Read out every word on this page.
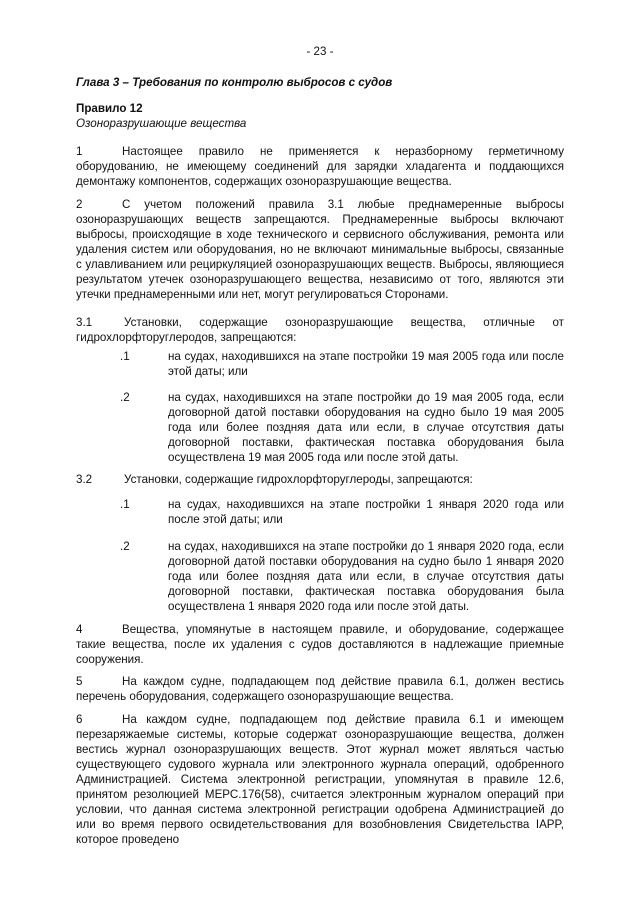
- 23 -
Глава 3 – Требования по контролю выбросов с судов
Правило 12
Озоноразрушающие вещества

1	Настоящее правило не применяется к неразборному герметичному оборудованию, не имеющему соединений для зарядки хладагента и поддающихся демонтажу компонентов, содержащих озоноразрушающие вещества.

2	С учетом положений правила 3.1 любые преднамеренные выбросы озоноразрушающих веществ запрещаются. Преднамеренные выбросы включают выбросы, происходящие в ходе технического и сервисного обслуживания, ремонта или удаления систем или оборудования, но не включают минимальные выбросы, связанные с улавливанием или рециркуляцией озоноразрушающих веществ. Выбросы, являющиеся результатом утечек озоноразрушающего вещества, независимо от того, являются эти утечки преднамеренными или нет, могут регулироваться Сторонами.

3.1	Установки, содержащие озоноразрушающие вещества, отличные от гидрохлорфторуглеродов, запрещаются:

.1	на судах, находившихся на этапе постройки 19 мая 2005 года или после этой даты; или
.2	на судах, находившихся на этапе постройки до 19 мая 2005 года, если договорной датой поставки оборудования на судно было 19 мая 2005 года или более поздняя дата или если, в случае отсутствия даты договорной поставки, фактическая поставка оборудования была осуществлена 19 мая 2005 года или после этой даты.

3.2	Установки, содержащие гидрохлорфторуглероды, запрещаются:

.1	на судах, находившихся на этапе постройки 1 января 2020 года или после этой даты; или
.2	на судах, находившихся на этапе постройки до 1 января 2020 года, если договорной датой поставки оборудования на судно было 1 января 2020 года или более поздняя дата или если, в случае отсутствия даты договорной поставки, фактическая поставка оборудования была осуществлена 1 января 2020 года или после этой даты.

4	Вещества, упомянутые в настоящем правиле, и оборудование, содержащее такие вещества, после их удаления с судов доставляются в надлежащие приемные сооружения.

5	На каждом судне, подпадающем под действие правила 6.1, должен вестись перечень оборудования, содержащего озоноразрушающие вещества.

6	На каждом судне, подпадающем под действие правила 6.1 и имеющем перезаряжаемые системы, которые содержат озоноразрушающие вещества, должен вестись журнал озоноразрушающих веществ. Этот журнал может являться частью существующего судового журнала или электронного журнала операций, одобренного Администрацией. Система электронной регистрации, упомянутая в правиле 12.6, принятом резолюцией МЕРС.176(58), считается электронным журналом операций при условии, что данная система электронной регистрации одобрена Администрацией до или во время первого освидетельствования для возобновления Свидетельства IAPP, которое проведено
